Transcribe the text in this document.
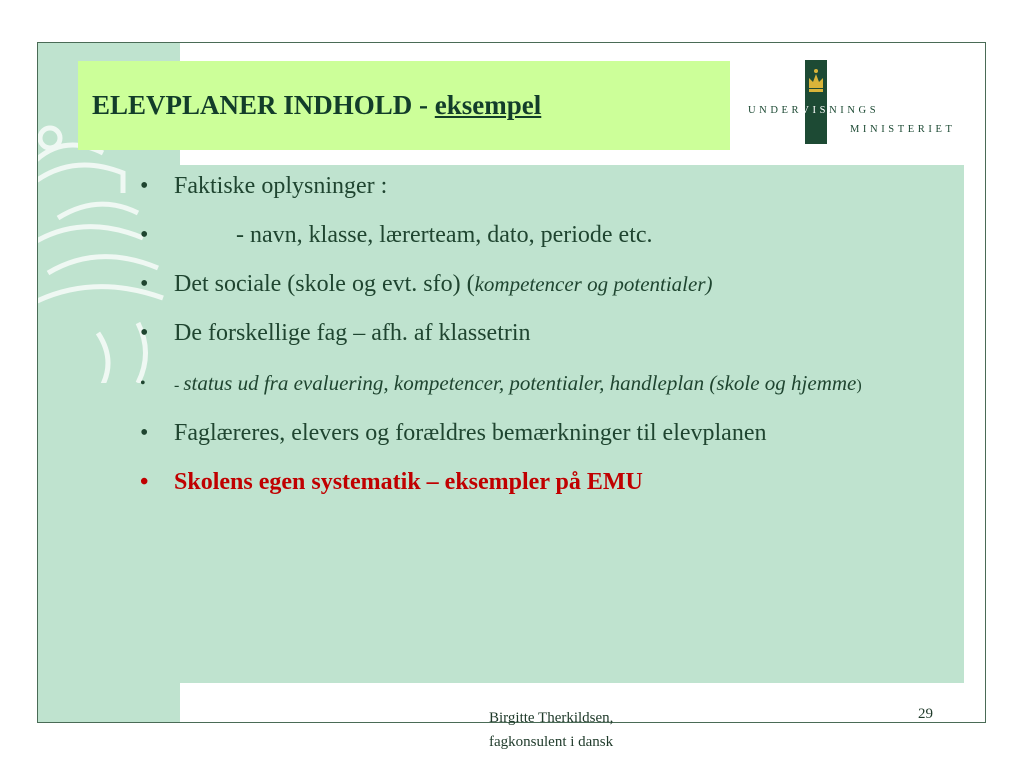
ELEVPLANER INDHOLD - eksempel	UNDERVISNINGS
MINISTERIET
• Faktiske oplysninger :
•	- navn, klasse, lærerteam, dato, periode etc.
• Det sociale (skole og evt. sfo) (kompetencer og potentialer)
• De forskellige fag – afh. af klassetrin
• - status ud fra evaluering, kompetencer, potentialer, handleplan (skole og hjemme)
• Faglæreres, elevers og forældres bemærkninger til elevplanen
• Skolens egen systematik – eksempler på EMU
Birgitte Therkildsen,
fagkonsulent i dansk
29
